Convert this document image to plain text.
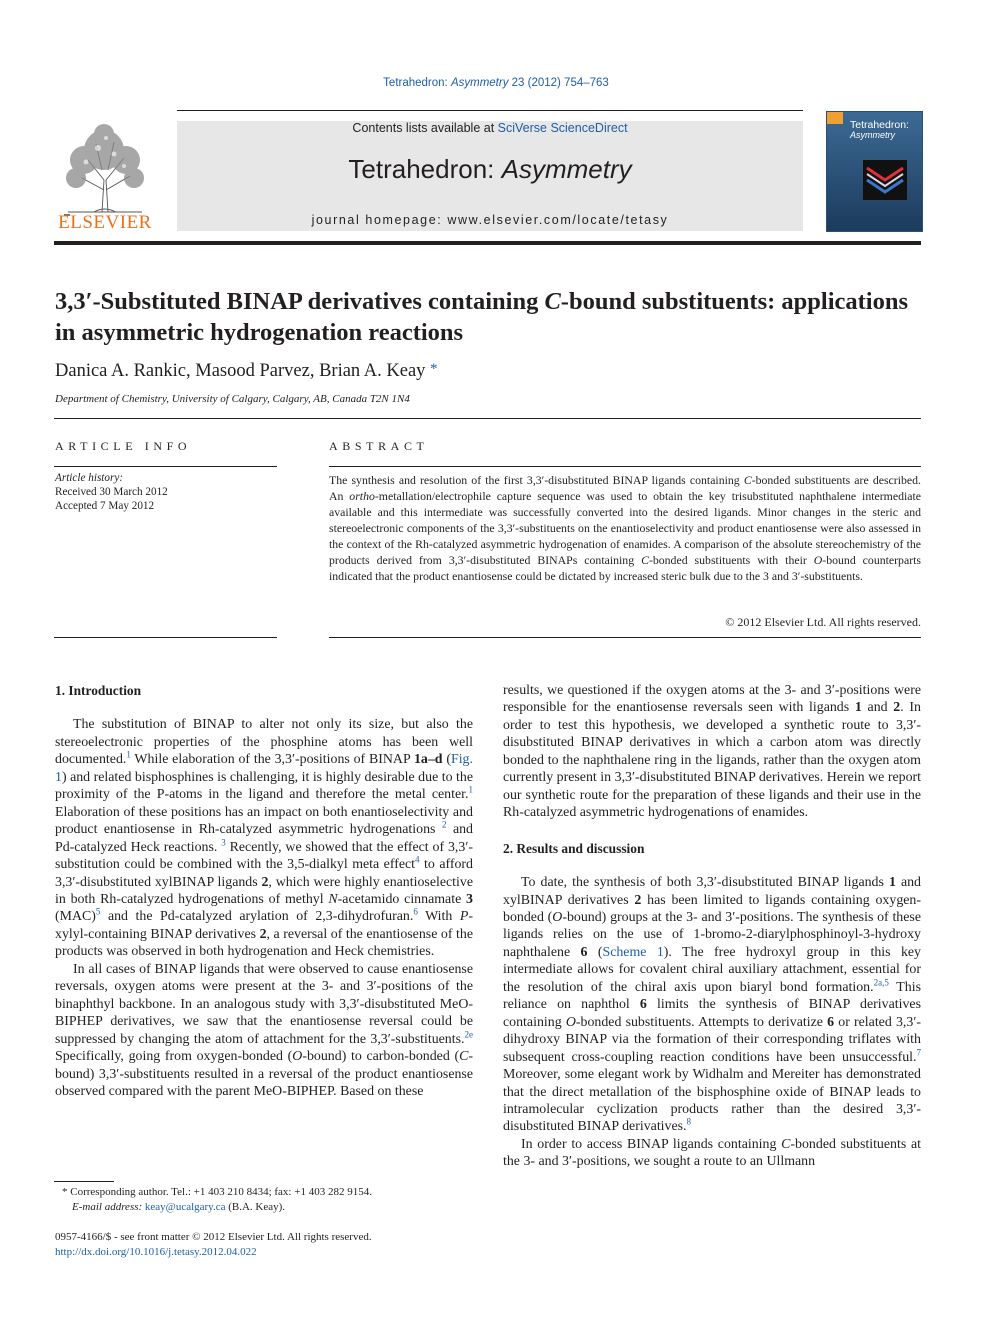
Tetrahedron: Asymmetry 23 (2012) 754–763
ELSEVIER
Contents lists available at SciVerse ScienceDirect
Tetrahedron: Asymmetry
journal homepage: www.elsevier.com/locate/tetasy
Tetrahedron:
Asymmetry
3,3′-Substituted BINAP derivatives containing C-bound substituents: applications in asymmetric hydrogenation reactions
Danica A. Rankic, Masood Parvez, Brian A. Keay *
Department of Chemistry, University of Calgary, Calgary, AB, Canada T2N 1N4
ARTICLE INFO
Article history:
Received 30 March 2012
Accepted 7 May 2012
ABSTRACT
The synthesis and resolution of the first 3,3′-disubstituted BINAP ligands containing C-bonded substituents are described. An ortho-metallation/electrophile capture sequence was used to obtain the key trisubstituted naphthalene intermediate available and this intermediate was successfully converted into the desired ligands. Minor changes in the steric and stereoelectronic components of the 3,3′-substituents on the enantioselectivity and product enantiosense were also assessed in the context of the Rh-catalyzed asymmetric hydrogenation of enamides. A comparison of the absolute stereochemistry of the products derived from 3,3′-disubstituted BINAPs containing C-bonded substituents with their O-bound counterparts indicated that the product enantiosense could be dictated by increased steric bulk due to the 3 and 3′-substituents.
© 2012 Elsevier Ltd. All rights reserved.
1. Introduction

The substitution of BINAP to alter not only its size, but also the stereoelectronic properties of the phosphine atoms has been well documented.$^1$ While elaboration of the 3,3′-positions of BINAP 1a–d (Fig. 1) and related bisphosphines is challenging, it is highly desirable due to the proximity of the P-atoms in the ligand and therefore the metal center.$^1$ Elaboration of these positions has an impact on both enantioselectivity and product enantiosense in Rh-catalyzed asymmetric hydrogenations $^2$ and Pd-catalyzed Heck reactions. $^3$ Recently, we showed that the effect of 3,3′-substitution could be combined with the 3,5-dialkyl meta effect$^4$ to afford 3,3′-disubstituted xylBINAP ligands 2, which were highly enantioselective in both Rh-catalyzed hydrogenations of methyl N-acetamido cinnamate 3 (MAC)$^5$ and the Pd-catalyzed arylation of 2,3-dihydrofuran.$^6$ With P-xylyl-containing BINAP derivatives 2, a reversal of the enantiosense of the products was observed in both hydrogenation and Heck chemistries.

In all cases of BINAP ligands that were observed to cause enantiosense reversals, oxygen atoms were present at the 3- and 3′-positions of the binaphthyl backbone. In an analogous study with 3,3′-disubstituted MeO-BIPHEP derivatives, we saw that the enantiosense reversal could be suppressed by changing the atom of attachment for the 3,3′-substituents.$^{2e}$ Specifically, going from oxygen-bonded (O-bound) to carbon-bonded (C-bound) 3,3′-substituents resulted in a reversal of the product enantiosense observed compared with the parent MeO-BIPHEP. Based on these

results, we questioned if the oxygen atoms at the 3- and 3′-positions were responsible for the enantiosense reversals seen with ligands 1 and 2. In order to test this hypothesis, we developed a synthetic route to 3,3′-disubstituted BINAP derivatives in which a carbon atom was directly bonded to the naphthalene ring in the ligands, rather than the oxygen atom currently present in 3,3′-disubstituted BINAP derivatives. Herein we report our synthetic route for the preparation of these ligands and their use in the Rh-catalyzed asymmetric hydrogenations of enamides.

2. Results and discussion

To date, the synthesis of both 3,3′-disubstituted BINAP ligands 1 and xylBINAP derivatives 2 has been limited to ligands containing oxygen-bonded (O-bound) groups at the 3- and 3′-positions. The synthesis of these ligands relies on the use of 1-bromo-2-diarylphosphinoyl-3-hydroxy naphthalene 6 (Scheme 1). The free hydroxyl group in this key intermediate allows for covalent chiral auxiliary attachment, essential for the resolution of the chiral axis upon biaryl bond formation.$^{2a,5}$ This reliance on naphthol 6 limits the synthesis of BINAP derivatives containing O-bonded substituents. Attempts to derivatize 6 or related 3,3′-dihydroxy BINAP via the formation of their corresponding triflates with subsequent cross-coupling reaction conditions have been unsuccessful.$^7$ Moreover, some elegant work by Widhalm and Mereiter has demonstrated that the direct metallation of the bisphosphine oxide of BINAP leads to intramolecular cyclization products rather than the desired 3,3′-disubstituted BINAP derivatives.$^8$

In order to access BINAP ligands containing C-bonded substituents at the 3- and 3′-positions, we sought a route to an Ullmann

* Corresponding author. Tel.: +1 403 210 8434; fax: +1 403 282 9154.
E-mail address: keay@ucalgary.ca (B.A. Keay).
0957-4166/$ - see front matter © 2012 Elsevier Ltd. All rights reserved.
http://dx.doi.org/10.1016/j.tetasy.2012.04.022
